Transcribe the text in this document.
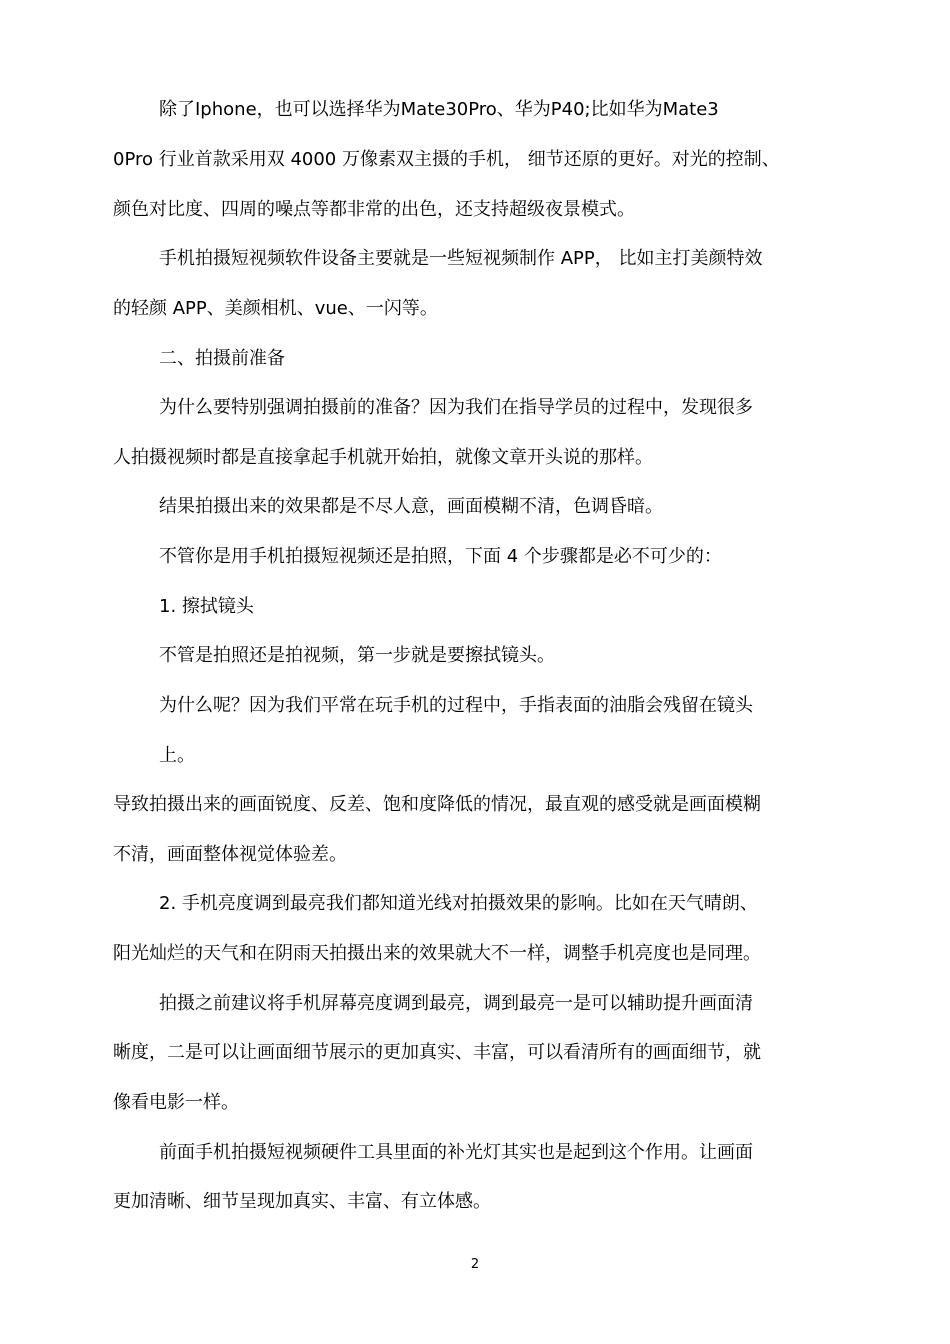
除了Iphone，也可以选择华为Mate30Pro、华为P40;比如华为Mate3
0Pro 行业首款采用双 4000 万像素双主摄的手机， 细节还原的更好。对光的控制、
颜色对比度、四周的噪点等都非常的出色，还支持超级夜景模式。
手机拍摄短视频软件设备主要就是一些短视频制作 APP， 比如主打美颜特效
的轻颜 APP、美颜相机、vue、一闪等。
二、拍摄前准备
为什么要特别强调拍摄前的准备？因为我们在指导学员的过程中，发现很多
人拍摄视频时都是直接拿起手机就开始拍，就像文章开头说的那样。
结果拍摄出来的效果都是不尽人意，画面模糊不清，色调昏暗。
不管你是用手机拍摄短视频还是拍照，下面 4 个步骤都是必不可少的：
1. 擦拭镜头
不管是拍照还是拍视频，第一步就是要擦拭镜头。
为什么呢？因为我们平常在玩手机的过程中，手指表面的油脂会残留在镜头
上。
导致拍摄出来的画面锐度、反差、饱和度降低的情况，最直观的感受就是画面模糊
不清，画面整体视觉体验差。
2. 手机亮度调到最亮我们都知道光线对拍摄效果的影响。比如在天气晴朗、
阳光灿烂的天气和在阴雨天拍摄出来的效果就大不一样，调整手机亮度也是同理。
拍摄之前建议将手机屏幕亮度调到最亮，调到最亮一是可以辅助提升画面清
晰度，二是可以让画面细节展示的更加真实、丰富，可以看清所有的画面细节，就
像看电影一样。
前面手机拍摄短视频硬件工具里面的补光灯其实也是起到这个作用。让画面
更加清晰、细节呈现加真实、丰富、有立体感。
2
